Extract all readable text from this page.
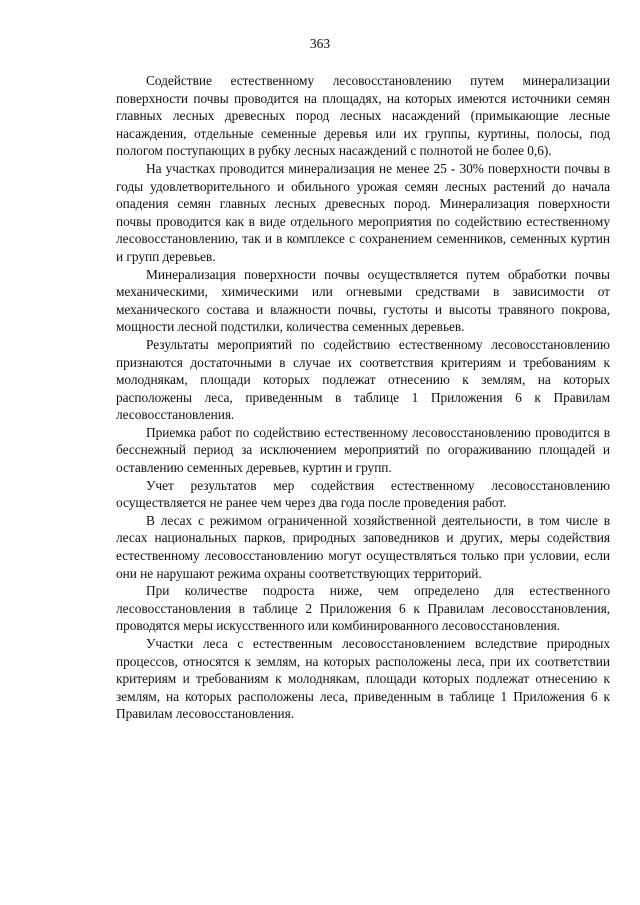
363

Содействие естественному лесовосстановлению путем минерализации поверхности почвы проводится на площадях, на которых имеются источники семян главных лесных древесных пород лесных насаждений (примыкающие лесные насаждения, отдельные семенные деревья или их группы, куртины, полосы, под пологом поступающих в рубку лесных насаждений с полнотой не более 0,6).

На участках проводится минерализация не менее 25 - 30% поверхности почвы в годы удовлетворительного и обильного урожая семян лесных растений до начала опадения семян главных лесных древесных пород. Минерализация поверхности почвы проводится как в виде отдельного мероприятия по содействию естественному лесовосстановлению, так и в комплексе с сохранением семенников, семенных куртин и групп деревьев.

Минерализация поверхности почвы осуществляется путем обработки почвы механическими, химическими или огневыми средствами в зависимости от механического состава и влажности почвы, густоты и высоты травяного покрова, мощности лесной подстилки, количества семенных деревьев.

Результаты мероприятий по содействию естественному лесовосстановлению признаются достаточными в случае их соответствия критериям и требованиям к молоднякам, площади которых подлежат отнесению к землям, на которых расположены леса, приведенным в таблице 1 Приложения 6 к Правилам лесовосстановления.

Приемка работ по содействию естественному лесовосстановлению проводится в бесснежный период за исключением мероприятий по огораживанию площадей и оставлению семенных деревьев, куртин и групп.

Учет результатов мер содействия естественному лесовосстановлению осуществляется не ранее чем через два года после проведения работ.

В лесах с режимом ограниченной хозяйственной деятельности, в том числе в лесах национальных парков, природных заповедников и других, меры содействия естественному лесовосстановлению могут осуществляться только при условии, если они не нарушают режима охраны соответствующих территорий.

При количестве подроста ниже, чем определено для естественного лесовосстановления в таблице 2 Приложения 6 к Правилам лесовосстановления, проводятся меры искусственного или комбинированного лесовосстановления.

Участки леса с естественным лесовосстановлением вследствие природных процессов, относятся к землям, на которых расположены леса, при их соответствии критериям и требованиям к молоднякам, площади которых подлежат отнесению к землям, на которых расположены леса, приведенным в таблице 1 Приложения 6 к Правилам лесовосстановления.
